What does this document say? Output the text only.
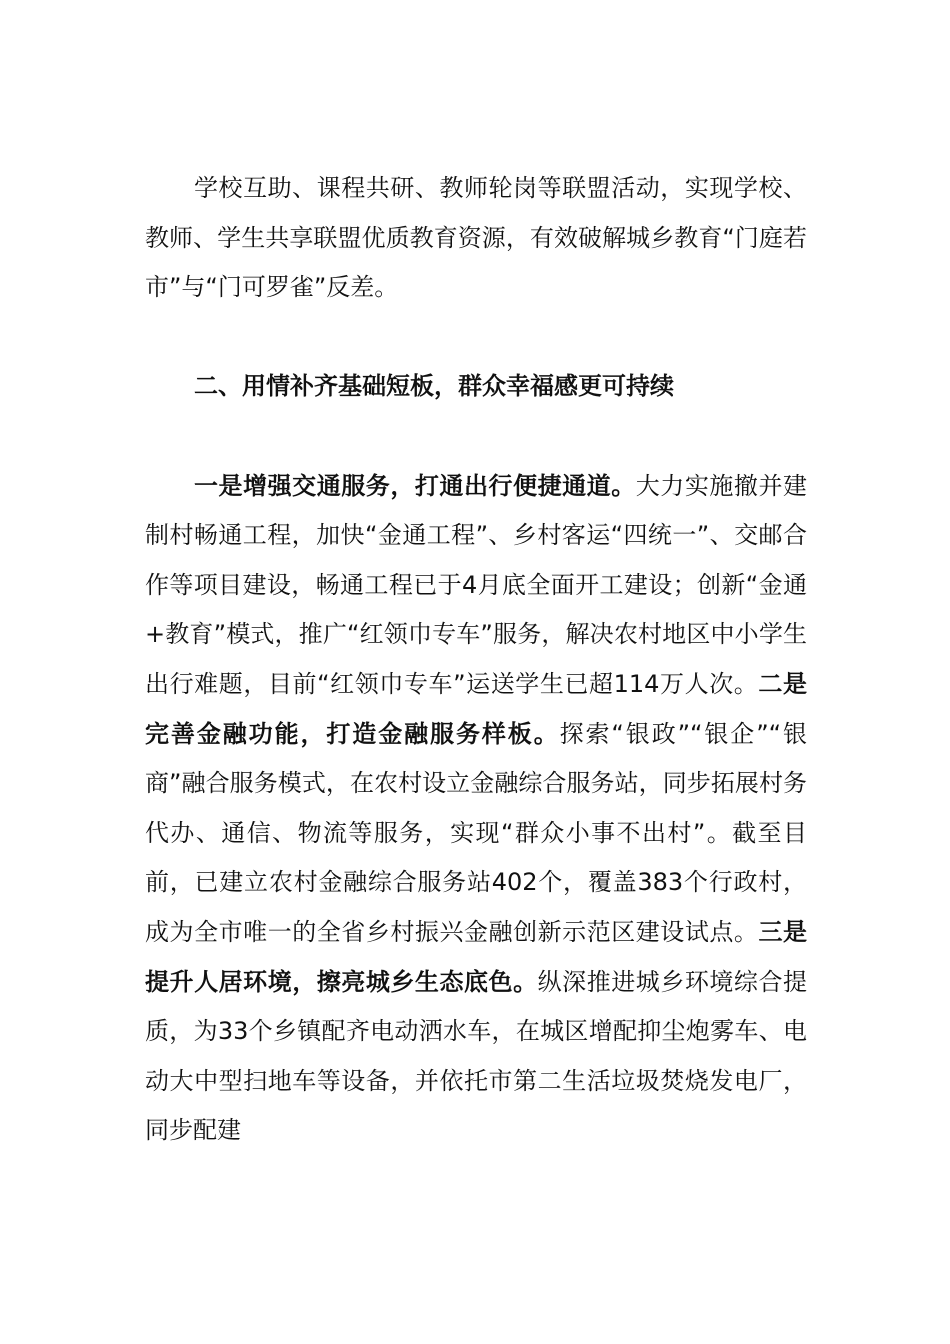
学校互助、课程共研、教师轮岗等联盟活动，实现学校、教师、学生共享联盟优质教育资源，有效破解城乡教育“门庭若市”与“门可罗雀”反差。

二、用情补齐基础短板，群众幸福感更可持续

一是增强交通服务，打通出行便捷通道。大力实施撤并建制村畅通工程，加快“金通工程”、乡村客运“四统一”、交邮合作等项目建设，畅通工程已于4月底全面开工建设；创新“金通+教育”模式，推广“红领巾专车”服务，解决农村地区中小学生出行难题，目前“红领巾专车”运送学生已超114万人次。二是完善金融功能，打造金融服务样板。探索“银政”“银企”“银商”融合服务模式，在农村设立金融综合服务站，同步拓展村务代办、通信、物流等服务，实现“群众小事不出村”。截至目前，已建立农村金融综合服务站402个，覆盖383个行政村，成为全市唯一的全省乡村振兴金融创新示范区建设试点。三是提升人居环境，擦亮城乡生态底色。纵深推进城乡环境综合提质，为33个乡镇配齐电动洒水车，在城区增配抑尘炮雾车、电动大中型扫地车等设备，并依托市第二生活垃圾焚烧发电厂，同步配建
